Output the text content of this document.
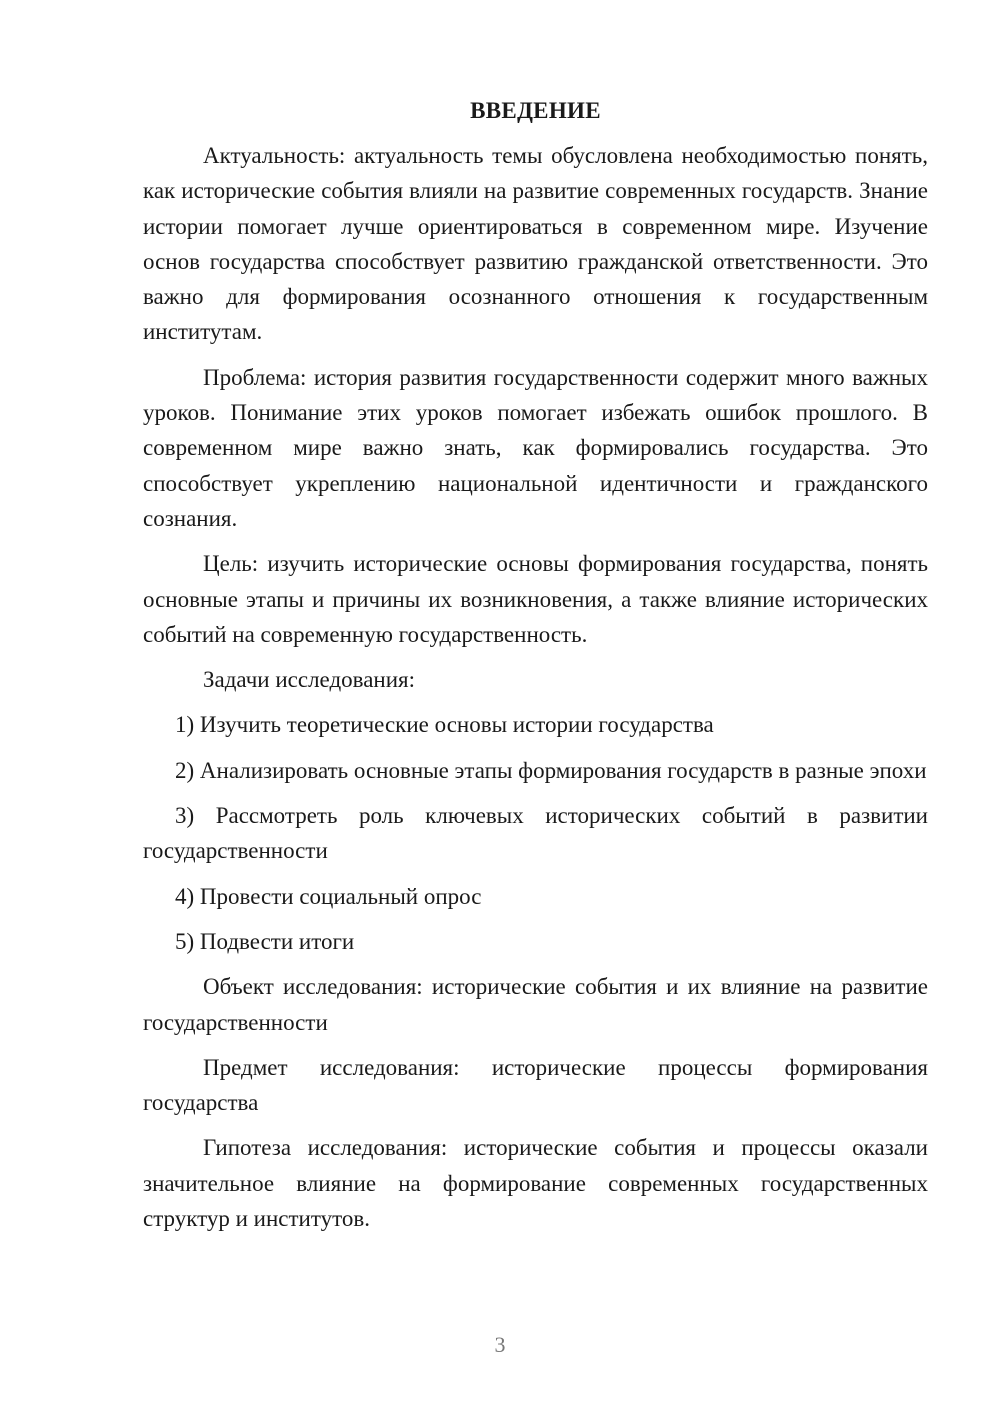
ВВЕДЕНИЕ

Актуальность: актуальность темы обусловлена необходимостью понять, как исторические события влияли на развитие современных государств. Знание истории помогает лучше ориентироваться в современном мире. Изучение основ государства способствует развитию гражданской ответственности. Это важно для формирования осознанного отношения к государственным институтам.

Проблема: история развития государственности содержит много важных уроков. Понимание этих уроков помогает избежать ошибок прошлого. В современном мире важно знать, как формировались государства. Это способствует укреплению национальной идентичности и гражданского сознания.

Цель: изучить исторические основы формирования государства, понять основные этапы и причины их возникновения, а также влияние исторических событий на современную государственность.

Задачи исследования:

1) Изучить теоретические основы истории государства

2) Анализировать основные этапы формирования государств в разные эпохи

3) Рассмотреть роль ключевых исторических событий в развитии государственности

4) Провести социальный опрос

5) Подвести итоги

Объект исследования: исторические события и их влияние на развитие государственности

Предмет исследования: исторические процессы формирования государства

Гипотеза исследования: исторические события и процессы оказали значительное влияние на формирование современных государственных структур и институтов.

3
